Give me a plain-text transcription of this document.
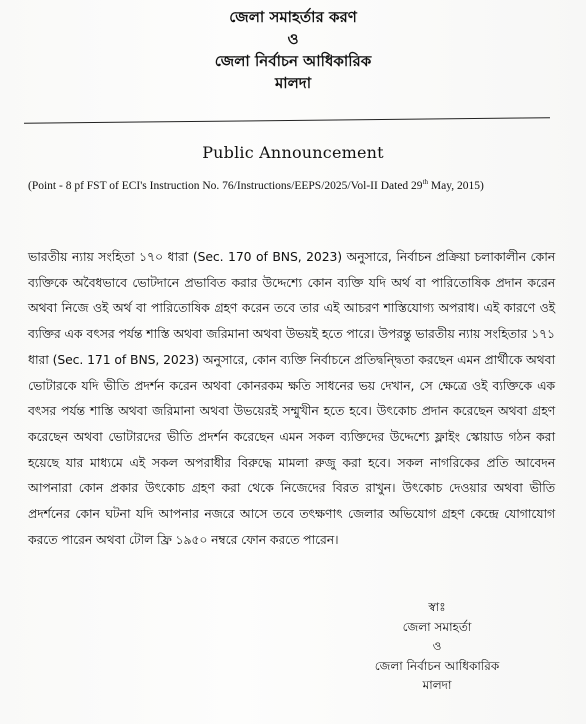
জেলা সমাহর্তার করণ
ও
জেলা নির্বাচন আধিকারিক
মালদা
Public Announcement
(Point - 8 pf FST of ECI's Instruction No. 76/Instructions/EEPS/2025/Vol-II Dated 29th May, 2015)
ভারতীয় ন্যায় সংহিতা ১৭০ ধারা (Sec. 170 of BNS, 2023) অনুসারে, নির্বাচন প্রক্রিয়া চলাকালীন কোন ব্যক্তিকে অবৈধভাবে ভোটদানে প্রভাবিত করার উদ্দেশ্যে কোন ব্যক্তি যদি অর্থ বা পারিতোষিক প্রদান করেন অথবা নিজে ওই অর্থ বা পারিতোষিক গ্রহণ করেন তবে তার এই আচরণ শাস্তিযোগ্য অপরাধ। এই কারণে ওই ব্যক্তির এক বৎসর পর্যন্ত শাস্তি অথবা জরিমানা অথবা উভয়ই হতে পারে। উপরন্তু ভারতীয় ন্যায় সংহিতার ১৭১ ধারা (Sec. 171 of BNS, 2023) অনুসারে, কোন ব্যক্তি নির্বাচনে প্রতিদ্বন্দ্বিতা করছেন এমন প্রার্থীকে অথবা ভোটারকে যদি ভীতি প্রদর্শন করেন অথবা কোনরকম ক্ষতি সাধনের ভয় দেখান, সে ক্ষেত্রে ওই ব্যক্তিকে এক বৎসর পর্যন্ত শাস্তি অথবা জরিমানা অথবা উভয়েরই সম্মুখীন হতে হবে। উৎকোচ প্রদান করেছেন অথবা গ্রহণ করেছেন অথবা ভোটারদের ভীতি প্রদর্শন করেছেন এমন সকল ব্যক্তিদের উদ্দেশ্যে ফ্লাইং স্কোয়াড গঠন করা হয়েছে যার মাধ্যমে এই সকল অপরাধীর বিরুদ্ধে মামলা রুজু করা হবে। সকল নাগরিকের প্রতি আবেদন আপনারা কোন প্রকার উৎকোচ গ্রহণ করা থেকে নিজেদের বিরত রাখুন। উৎকোচ দেওয়ার অথবা ভীতি প্রদর্শনের কোন ঘটনা যদি আপনার নজরে আসে তবে তৎক্ষণাৎ জেলার অভিযোগ গ্রহণ কেন্দ্রে যোগাযোগ করতে পারেন অথবা টোল ফ্রি ১৯৫০ নম্বরে ফোন করতে পারেন।
স্বাঃ
জেলা সমাহর্তা
ও
জেলা নির্বাচন আধিকারিক
মালদা
